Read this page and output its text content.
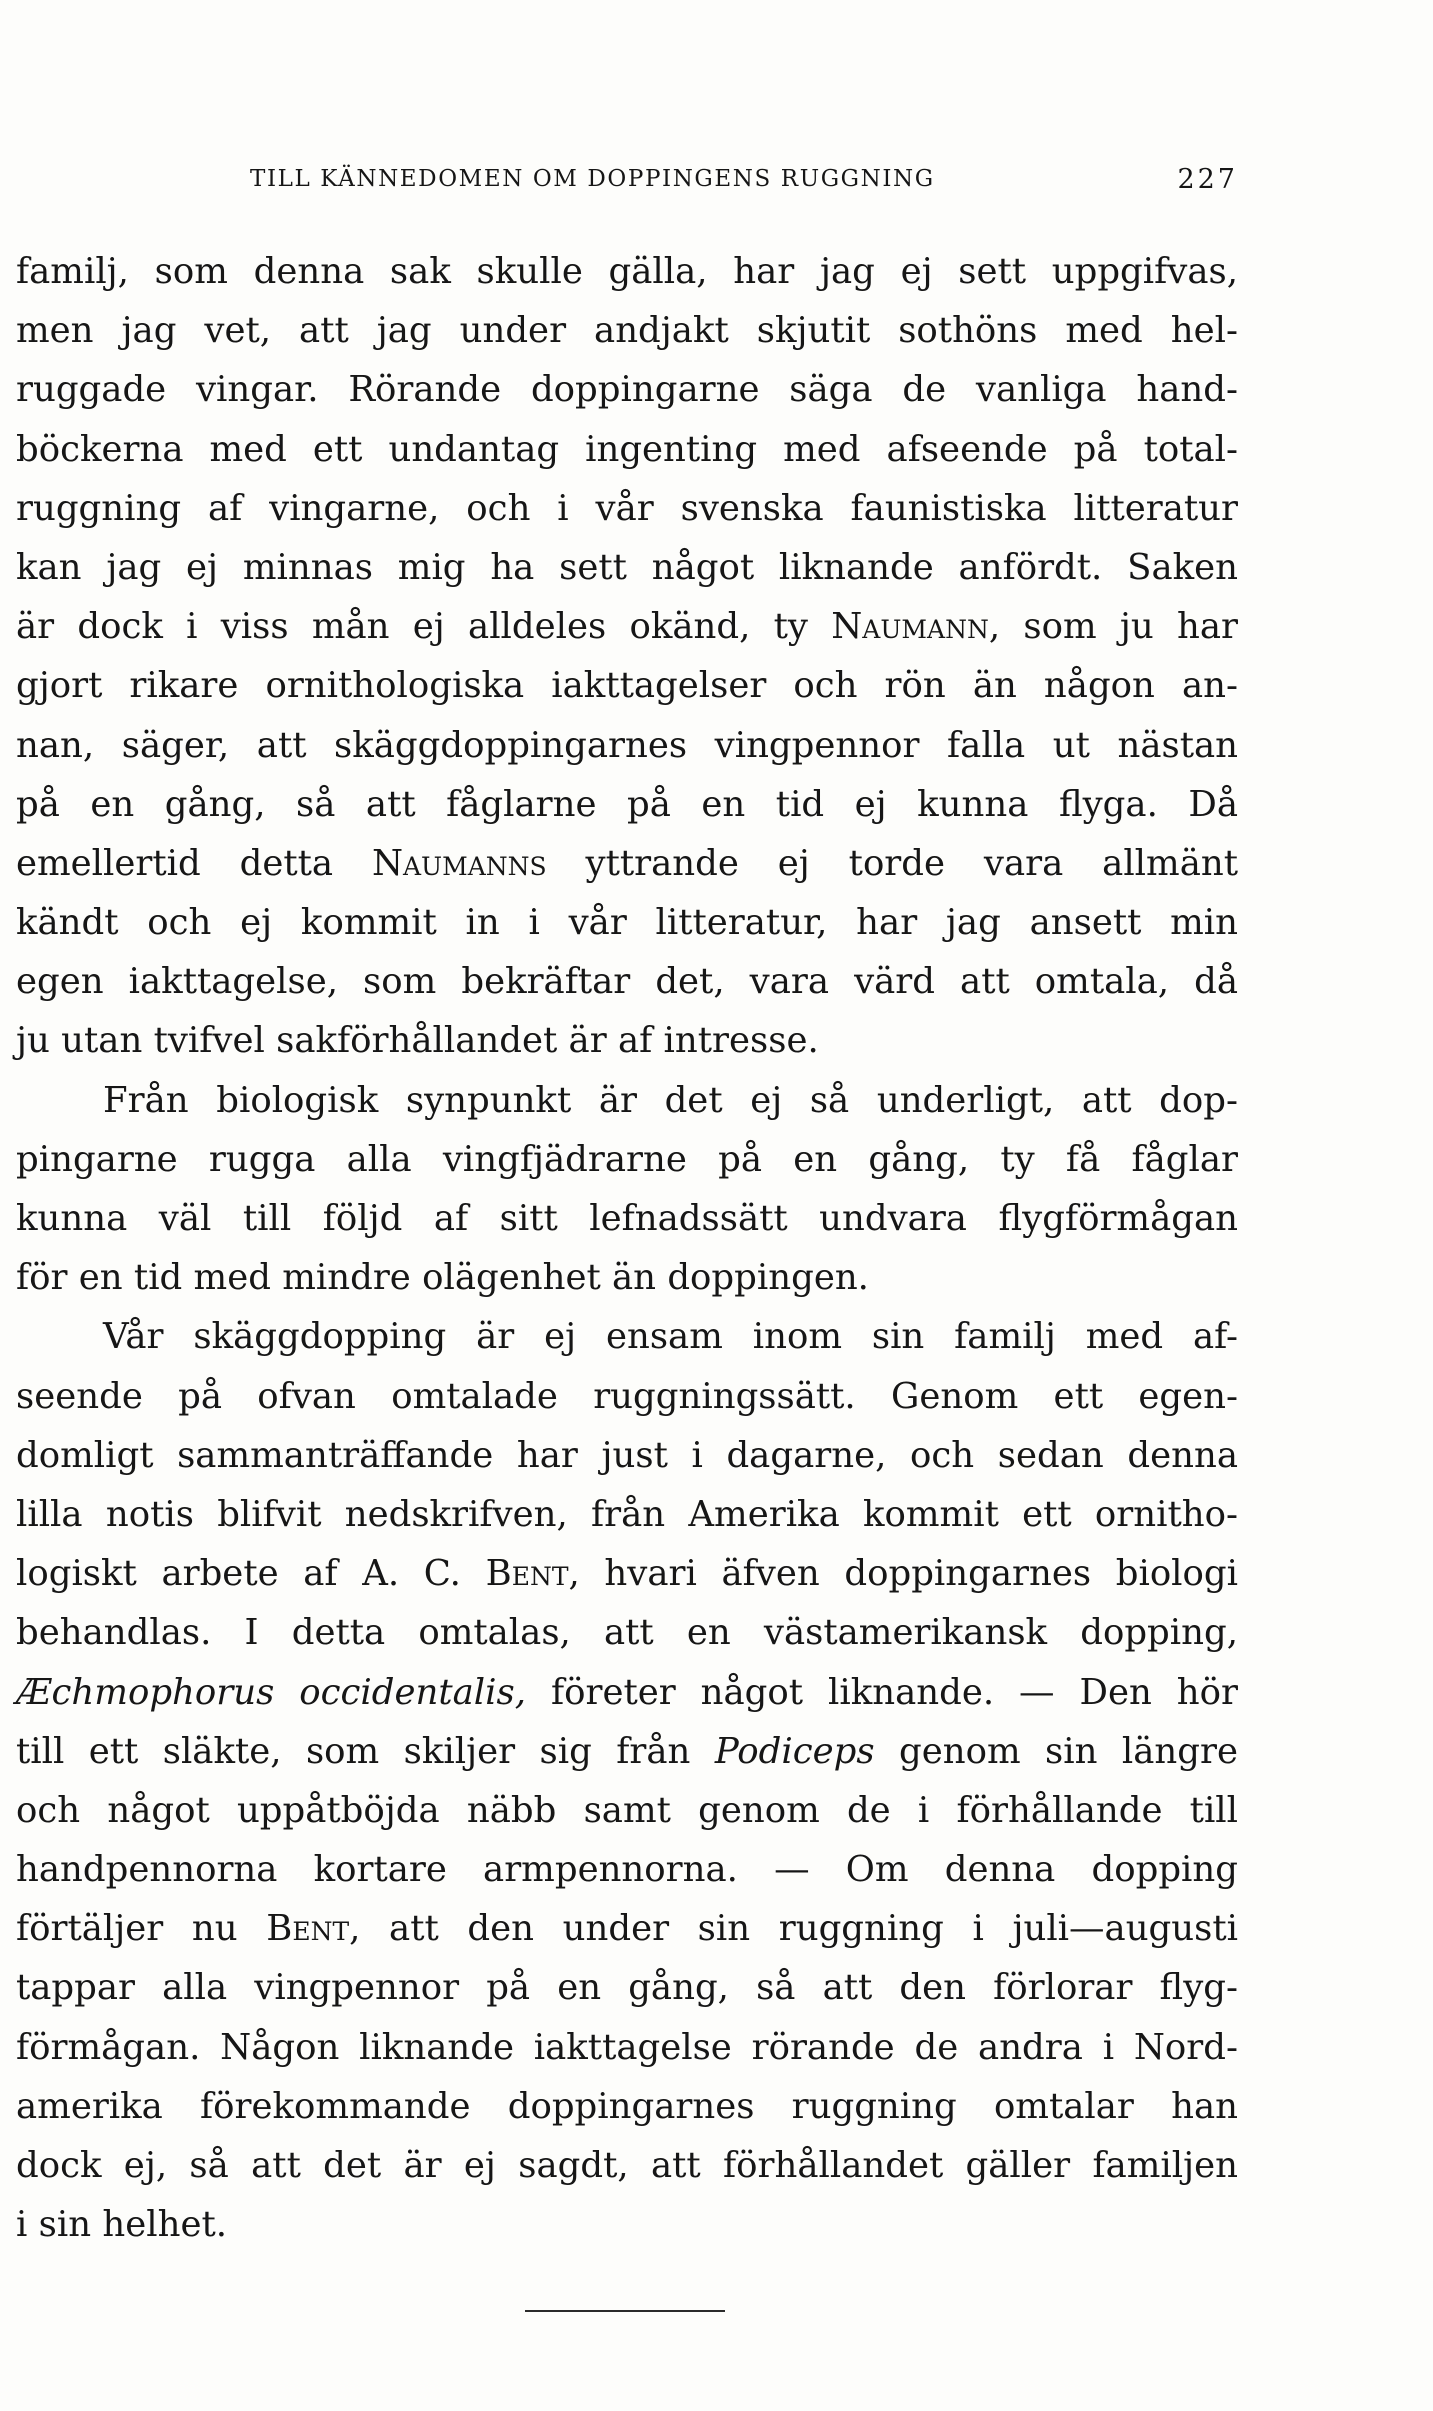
TILL KÄNNEDOMEN OM DOPPINGENS RUGGNING	227
familj, som denna sak skulle gälla, har jag ej sett uppgifvas,
men jag vet, att jag under andjakt skjutit sothöns med hel-
ruggade vingar. Rörande doppingarne säga de vanliga hand-
böckerna med ett undantag ingenting med afseende på total-
ruggning af vingarne, och i vår svenska faunistiska litteratur
kan jag ej minnas mig ha sett något liknande anfördt. Saken
är dock i viss mån ej alldeles okänd, ty Naumann, som ju har
gjort rikare ornithologiska iakttagelser och rön än någon an-
nan, säger, att skäggdoppingarnes vingpennor falla ut nästan
på en gång, så att fåglarne på en tid ej kunna flyga. Då
emellertid detta Naumanns yttrande ej torde vara allmänt
kändt och ej kommit in i vår litteratur, har jag ansett min
egen iakttagelse, som bekräftar det, vara värd att omtala, då
ju utan tvifvel sakförhållandet är af intresse.
Från biologisk synpunkt är det ej så underligt, att dop-
pingarne rugga alla vingfjädrarne på en gång, ty få fåglar
kunna väl till följd af sitt lefnadssätt undvara flygförmågan
för en tid med mindre olägenhet än doppingen.
Vår skäggdopping är ej ensam inom sin familj med af-
seende på ofvan omtalade ruggningssätt. Genom ett egen-
domligt sammanträffande har just i dagarne, och sedan denna
lilla notis blifvit nedskrifven, från Amerika kommit ett ornitho-
logiskt arbete af A. C. Bent, hvari äfven doppingarnes biologi
behandlas. I detta omtalas, att en västamerikansk dopping,
Æchmophorus occidentalis, företer något liknande. — Den hör
till ett släkte, som skiljer sig från Podiceps genom sin längre
och något uppåtböjda näbb samt genom de i förhållande till
handpennorna kortare armpennorna. — Om denna dopping
förtäljer nu Bent, att den under sin ruggning i juli—augusti
tappar alla vingpennor på en gång, så att den förlorar flyg-
förmågan. Någon liknande iakttagelse rörande de andra i Nord-
amerika förekommande doppingarnes ruggning omtalar han
dock ej, så att det är ej sagdt, att förhållandet gäller familjen
i sin helhet.
